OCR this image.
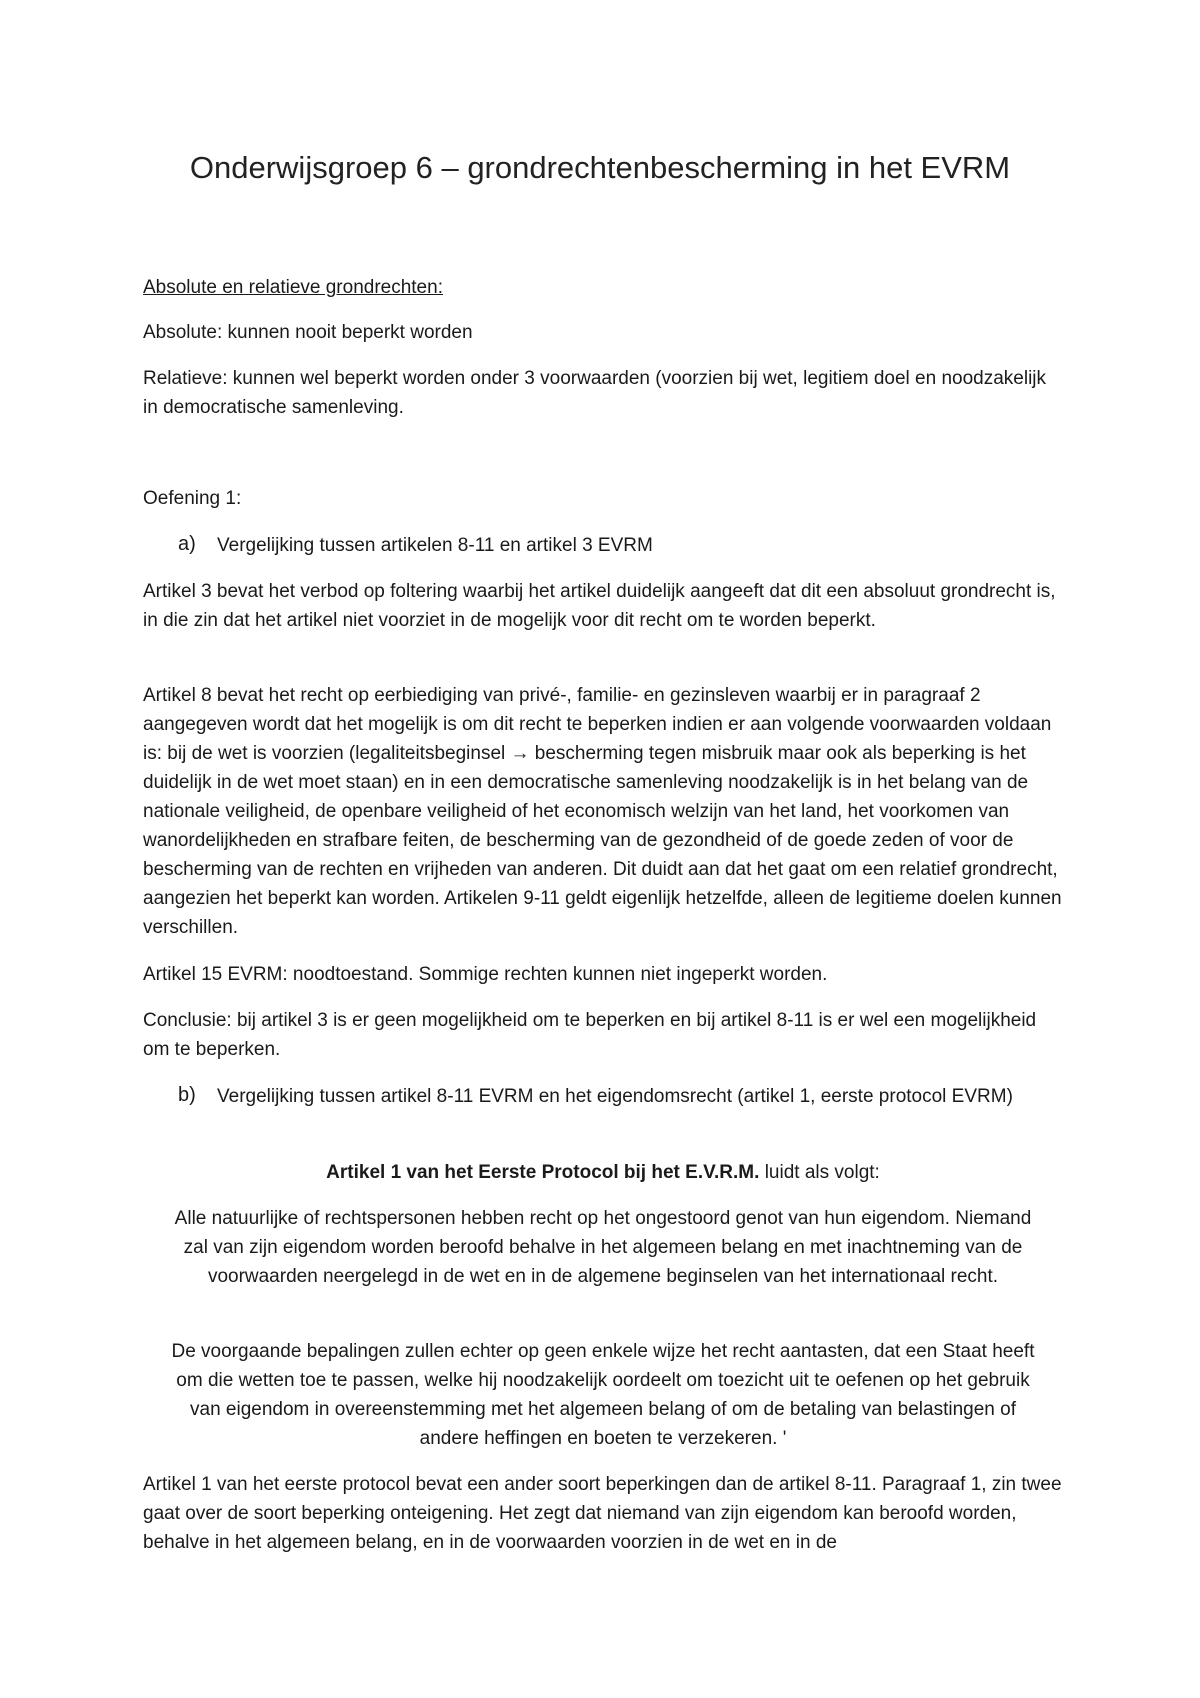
Onderwijsgroep 6 – grondrechtenbescherming in het EVRM
Absolute en relatieve grondrechten:
Absolute: kunnen nooit beperkt worden
Relatieve: kunnen wel beperkt worden onder 3 voorwaarden (voorzien bij wet, legitiem doel en noodzakelijk in democratische samenleving.
Oefening 1:
a) Vergelijking tussen artikelen 8-11 en artikel 3 EVRM
Artikel 3 bevat het verbod op foltering waarbij het artikel duidelijk aangeeft dat dit een absoluut grondrecht is, in die zin dat het artikel niet voorziet in de mogelijk voor dit recht om te worden beperkt.
Artikel 8 bevat het recht op eerbiediging van privé-, familie- en gezinsleven waarbij er in paragraaf 2 aangegeven wordt dat het mogelijk is om dit recht te beperken indien er aan volgende voorwaarden voldaan is: bij de wet is voorzien (legaliteitsbeginsel → bescherming tegen misbruik maar ook als beperking is het duidelijk in de wet moet staan) en in een democratische samenleving noodzakelijk is in het belang van de nationale veiligheid, de openbare veiligheid of het economisch welzijn van het land, het voorkomen van wanordelijkheden en strafbare feiten, de bescherming van de gezondheid of de goede zeden of voor de bescherming van de rechten en vrijheden van anderen. Dit duidt aan dat het gaat om een relatief grondrecht, aangezien het beperkt kan worden. Artikelen 9-11 geldt eigenlijk hetzelfde, alleen de legitieme doelen kunnen verschillen.
Artikel 15 EVRM: noodtoestand. Sommige rechten kunnen niet ingeperkt worden.
Conclusie: bij artikel 3 is er geen mogelijkheid om te beperken en bij artikel 8-11 is er wel een mogelijkheid om te beperken.
b) Vergelijking tussen artikel 8-11 EVRM en het eigendomsrecht (artikel 1, eerste protocol EVRM)
Artikel 1 van het Eerste Protocol bij het E.V.R.M. luidt als volgt:
Alle natuurlijke of rechtspersonen hebben recht op het ongestoord genot van hun eigendom. Niemand zal van zijn eigendom worden beroofd behalve in het algemeen belang en met inachtneming van de voorwaarden neergelegd in de wet en in de algemene beginselen van het internationaal recht.
De voorgaande bepalingen zullen echter op geen enkele wijze het recht aantasten, dat een Staat heeft om die wetten toe te passen, welke hij noodzakelijk oordeelt om toezicht uit te oefenen op het gebruik van eigendom in overeenstemming met het algemeen belang of om de betaling van belastingen of andere heffingen en boeten te verzekeren. '
Artikel 1 van het eerste protocol bevat een ander soort beperkingen dan de artikel 8-11. Paragraaf 1, zin twee gaat over de soort beperking onteigening. Het zegt dat niemand van zijn eigendom kan beroofd worden, behalve in het algemeen belang, en in de voorwaarden voorzien in de wet en in de
